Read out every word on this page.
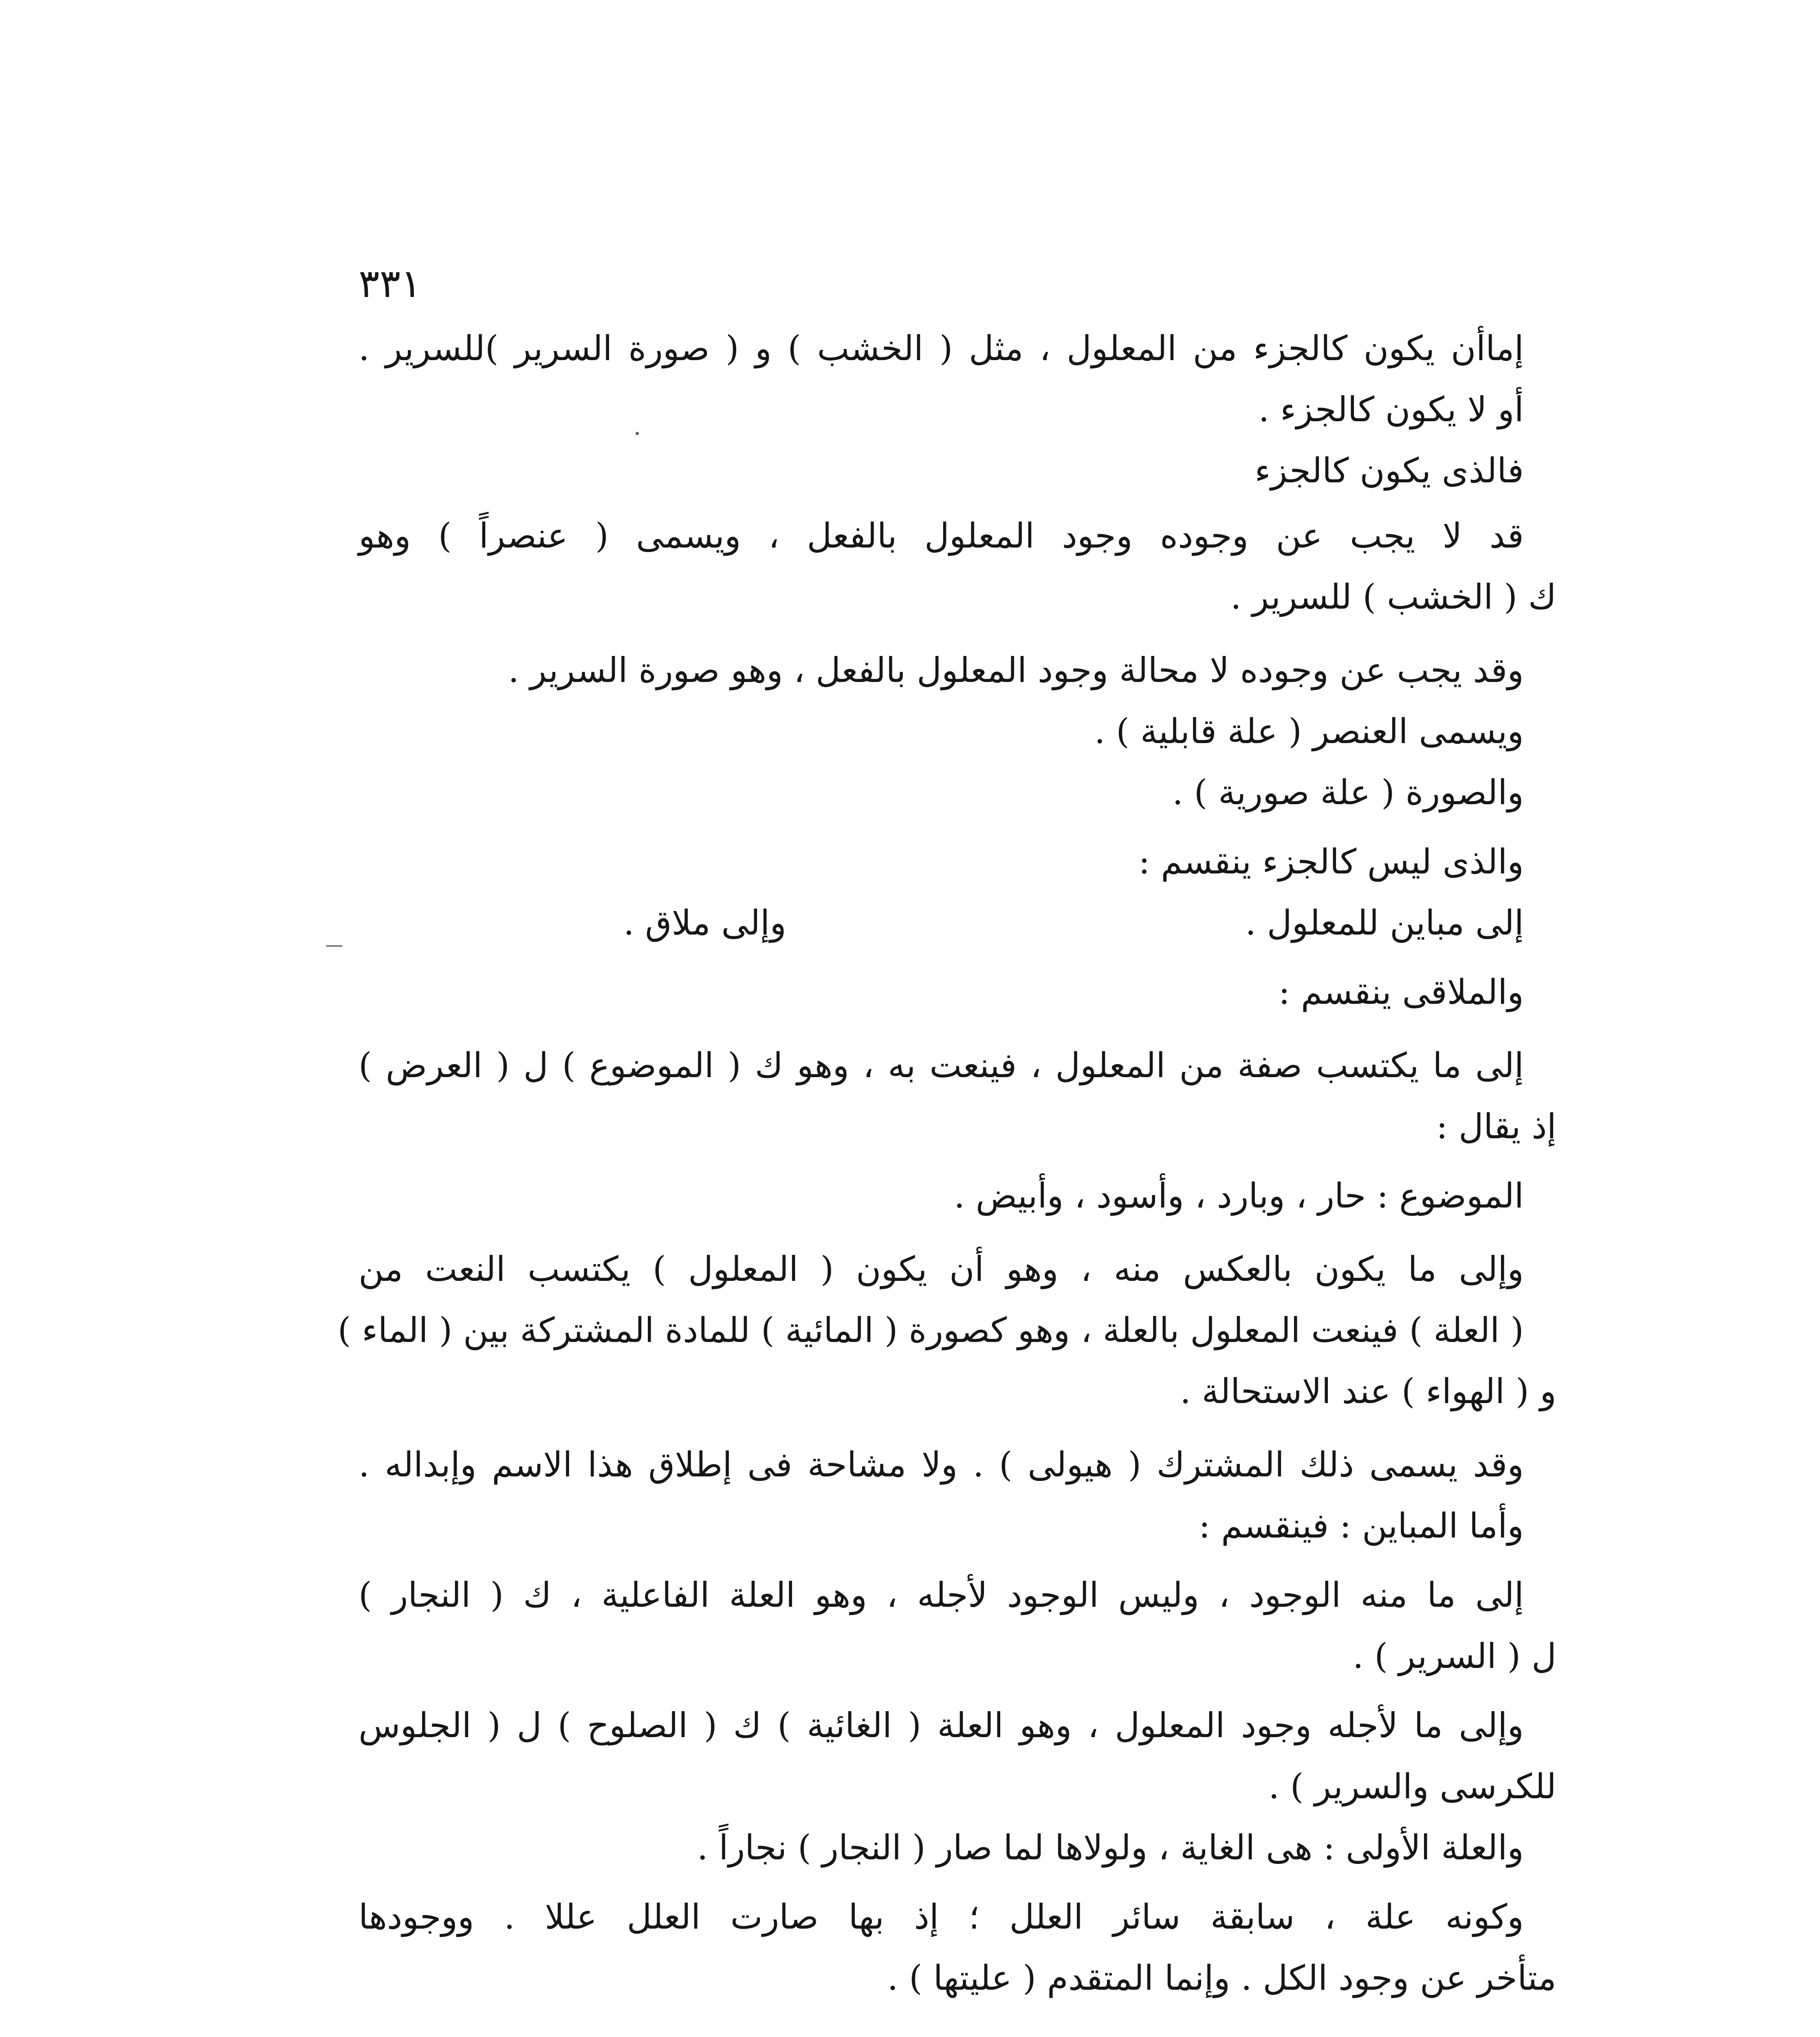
٣٣١
إماأن يكون كالجزء من المعلول ، مثل ( الخشب ) و ( صورة السرير )للسرير .
أو لا يكون كالجزء .
فالذى يكون كالجزء
قد لا يجب عن وجوده وجود المعلول بالفعل ، ويسمى ( عنصراً ) وهو
ك ( الخشب ) للسرير .
وقد يجب عن وجوده لا محالة وجود المعلول بالفعل ، وهو صورة السرير .
ويسمى العنصر ( علة قابلية ) .
والصورة ( علة صورية ) .
والذى ليس كالجزء ينقسم :
إلى مباين للمعلول .
وإلى ملاق .
والملاقى ينقسم :
إلى ما يكتسب صفة من المعلول ، فينعت به ، وهو ك ( الموضوع ) ل ( العرض )
إذ يقال :
الموضوع : حار ، وبارد ، وأسود ، وأبيض .
وإلى ما يكون بالعكس منه ، وهو أن يكون ( المعلول ) يكتسب النعت من
( العلة ) فينعت المعلول بالعلة ، وهو كصورة ( المائية ) للمادة المشتركة بين ( الماء )
و ( الهواء ) عند الاستحالة .
وقد يسمى ذلك المشترك ( هيولى ) . ولا مشاحة فى إطلاق هذا الاسم وإبداله .
وأما المباين : فينقسم :
إلى ما منه الوجود ، وليس الوجود لأجله ، وهو العلة الفاعلية ، ك ( النجار )
ل ( السرير ) .
وإلى ما لأجله وجود المعلول ، وهو العلة ( الغائية ) ك ( الصلوح ) ل ( الجلوس
للكرسى والسرير ) .
والعلة الأولى : هى الغاية ، ولولاها لما صار ( النجار ) نجاراً .
وكونه علة ، سابقة سائر العلل ؛ إذ بها صارت العلل عللا . ووجودها
متأخر عن وجود الكل . وإنما المتقدم ( عليتها ) .
